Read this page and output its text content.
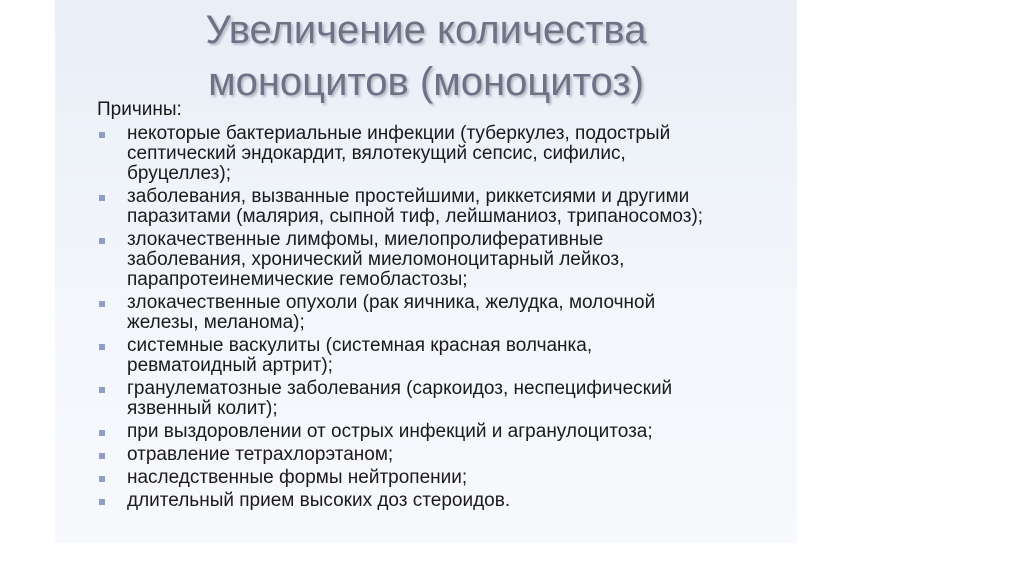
Увеличение количества
моноцитов (моноцитоз)
Причины:
некоторые бактериальные инфекции (туберкулез, подострый
септический эндокардит, вялотекущий сепсис, сифилис,
бруцеллез);
заболевания, вызванные простейшими, риккетсиями и другими
паразитами (малярия, сыпной тиф, лейшманиоз, трипаносомоз);
злокачественные лимфомы, миелопролиферативные
заболевания, хронический миеломоноцитарный лейкоз,
парапротеинемические гемобластозы;
злокачественные опухоли (рак яичника, желудка, молочной
железы, меланома);
системные васкулиты (системная красная волчанка,
ревматоидный артрит);
гранулематозные заболевания (саркоидоз, неспецифический
язвенный колит);
при выздоровлении от острых инфекций и агранулоцитоза;
отравление тетрахлорэтаном;
наследственные формы нейтропении;
длительный прием высоких доз стероидов.
